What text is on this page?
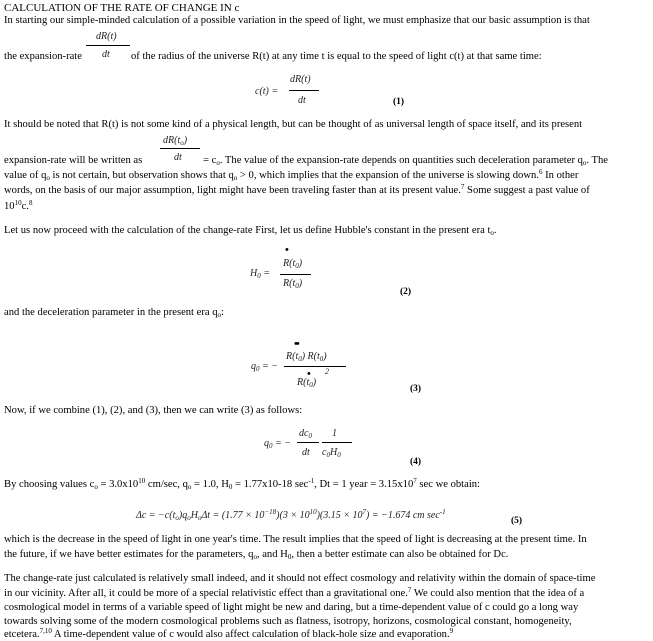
CALCULATION OF THE RATE OF CHANGE IN c
In starting our simple-minded calculation of a possible variation in the speed of light, we must emphasize that our basic assumption is that
dR(t)
dt
the expansion-rate	of the radius of the universe R(t) at any time t is equal to the speed of light c(t) at that same time:
c(t) =
dR(t)
dt	(1)
It should be noted that R(t) is not some kind of a physical length, but can be thought of as universal length of space itself, and its present
$dR(t_o)$
dt
expansion-rate will be written as	= $c_o$. The value of the expansion-rate depends on quantities such deceleration parameter $q_o$. The
value of $q_o$ is not certain, but observation shows that $q_o > 0$, which implies that the expansion of the universe is slowing down.$^6$ In other
words, on the basis of our major assumption, light might have been traveling faster than at its present value.$^7$ Some suggest a past value of
$10^{10}c.^8$
Let us now proceed with the calculation of the change-rate First, let us define Hubble's constant in the present era $t_o$.
$H_0$ =
•
$R(t_0)$
$R(t_0)$
(2)
and the deceleration parameter in the present era $q_o$:
••
$q_0$ = −
$R(t_0)$ $R(t_0)$
2
•
$R(t_0)$
(3)
Now, if we combine (1), (2), and (3), then we can write (3) as follows:
$q_0$ = −
$dc_0$
dt
1
$c_0H_0$
(4)
By choosing values $c_o = 3.0x10^{10}$ cm/sec, $q_o = 1.0$, $H_0 = 1.77x10-18$ $\sec^{-1}$, Dt = 1 year = $3.15x10^7$ sec we obtain:
$\Delta c = -c(t_o)q_oH_o\Delta t = (1.77 \times 10^{-18})(3 \times 10^{10})(3.15 \times 10^7) = -1.674$ cm $\sec^{-1}$
(5)
which is the decrease in the speed of light in one year's time. The result implies that the speed of light is decreasing at the present time. In
the future, if we have better estimates for the parameters, $q_o$, and $H_0$, then a better estimate can also be obtained for Dc.
The change-rate just calculated is relatively small indeed, and it should not effect cosmology and relativity within the domain of space-time
in our vicinity. After all, it could be more of a special relativistic effect than a gravitational one.$^7$ We could also mention that the idea of a
cosmological model in terms of a variable speed of light might be new and daring, but a time-dependent value of c could go a long way
towards solving some of the modern cosmological problems such as flatness, isotropy, horizons, cosmological constant, homogeneity,
etcetera.$^{7,10}$ A time-dependent value of c would also affect calculation of black-hole size and evaporation.$^9$
